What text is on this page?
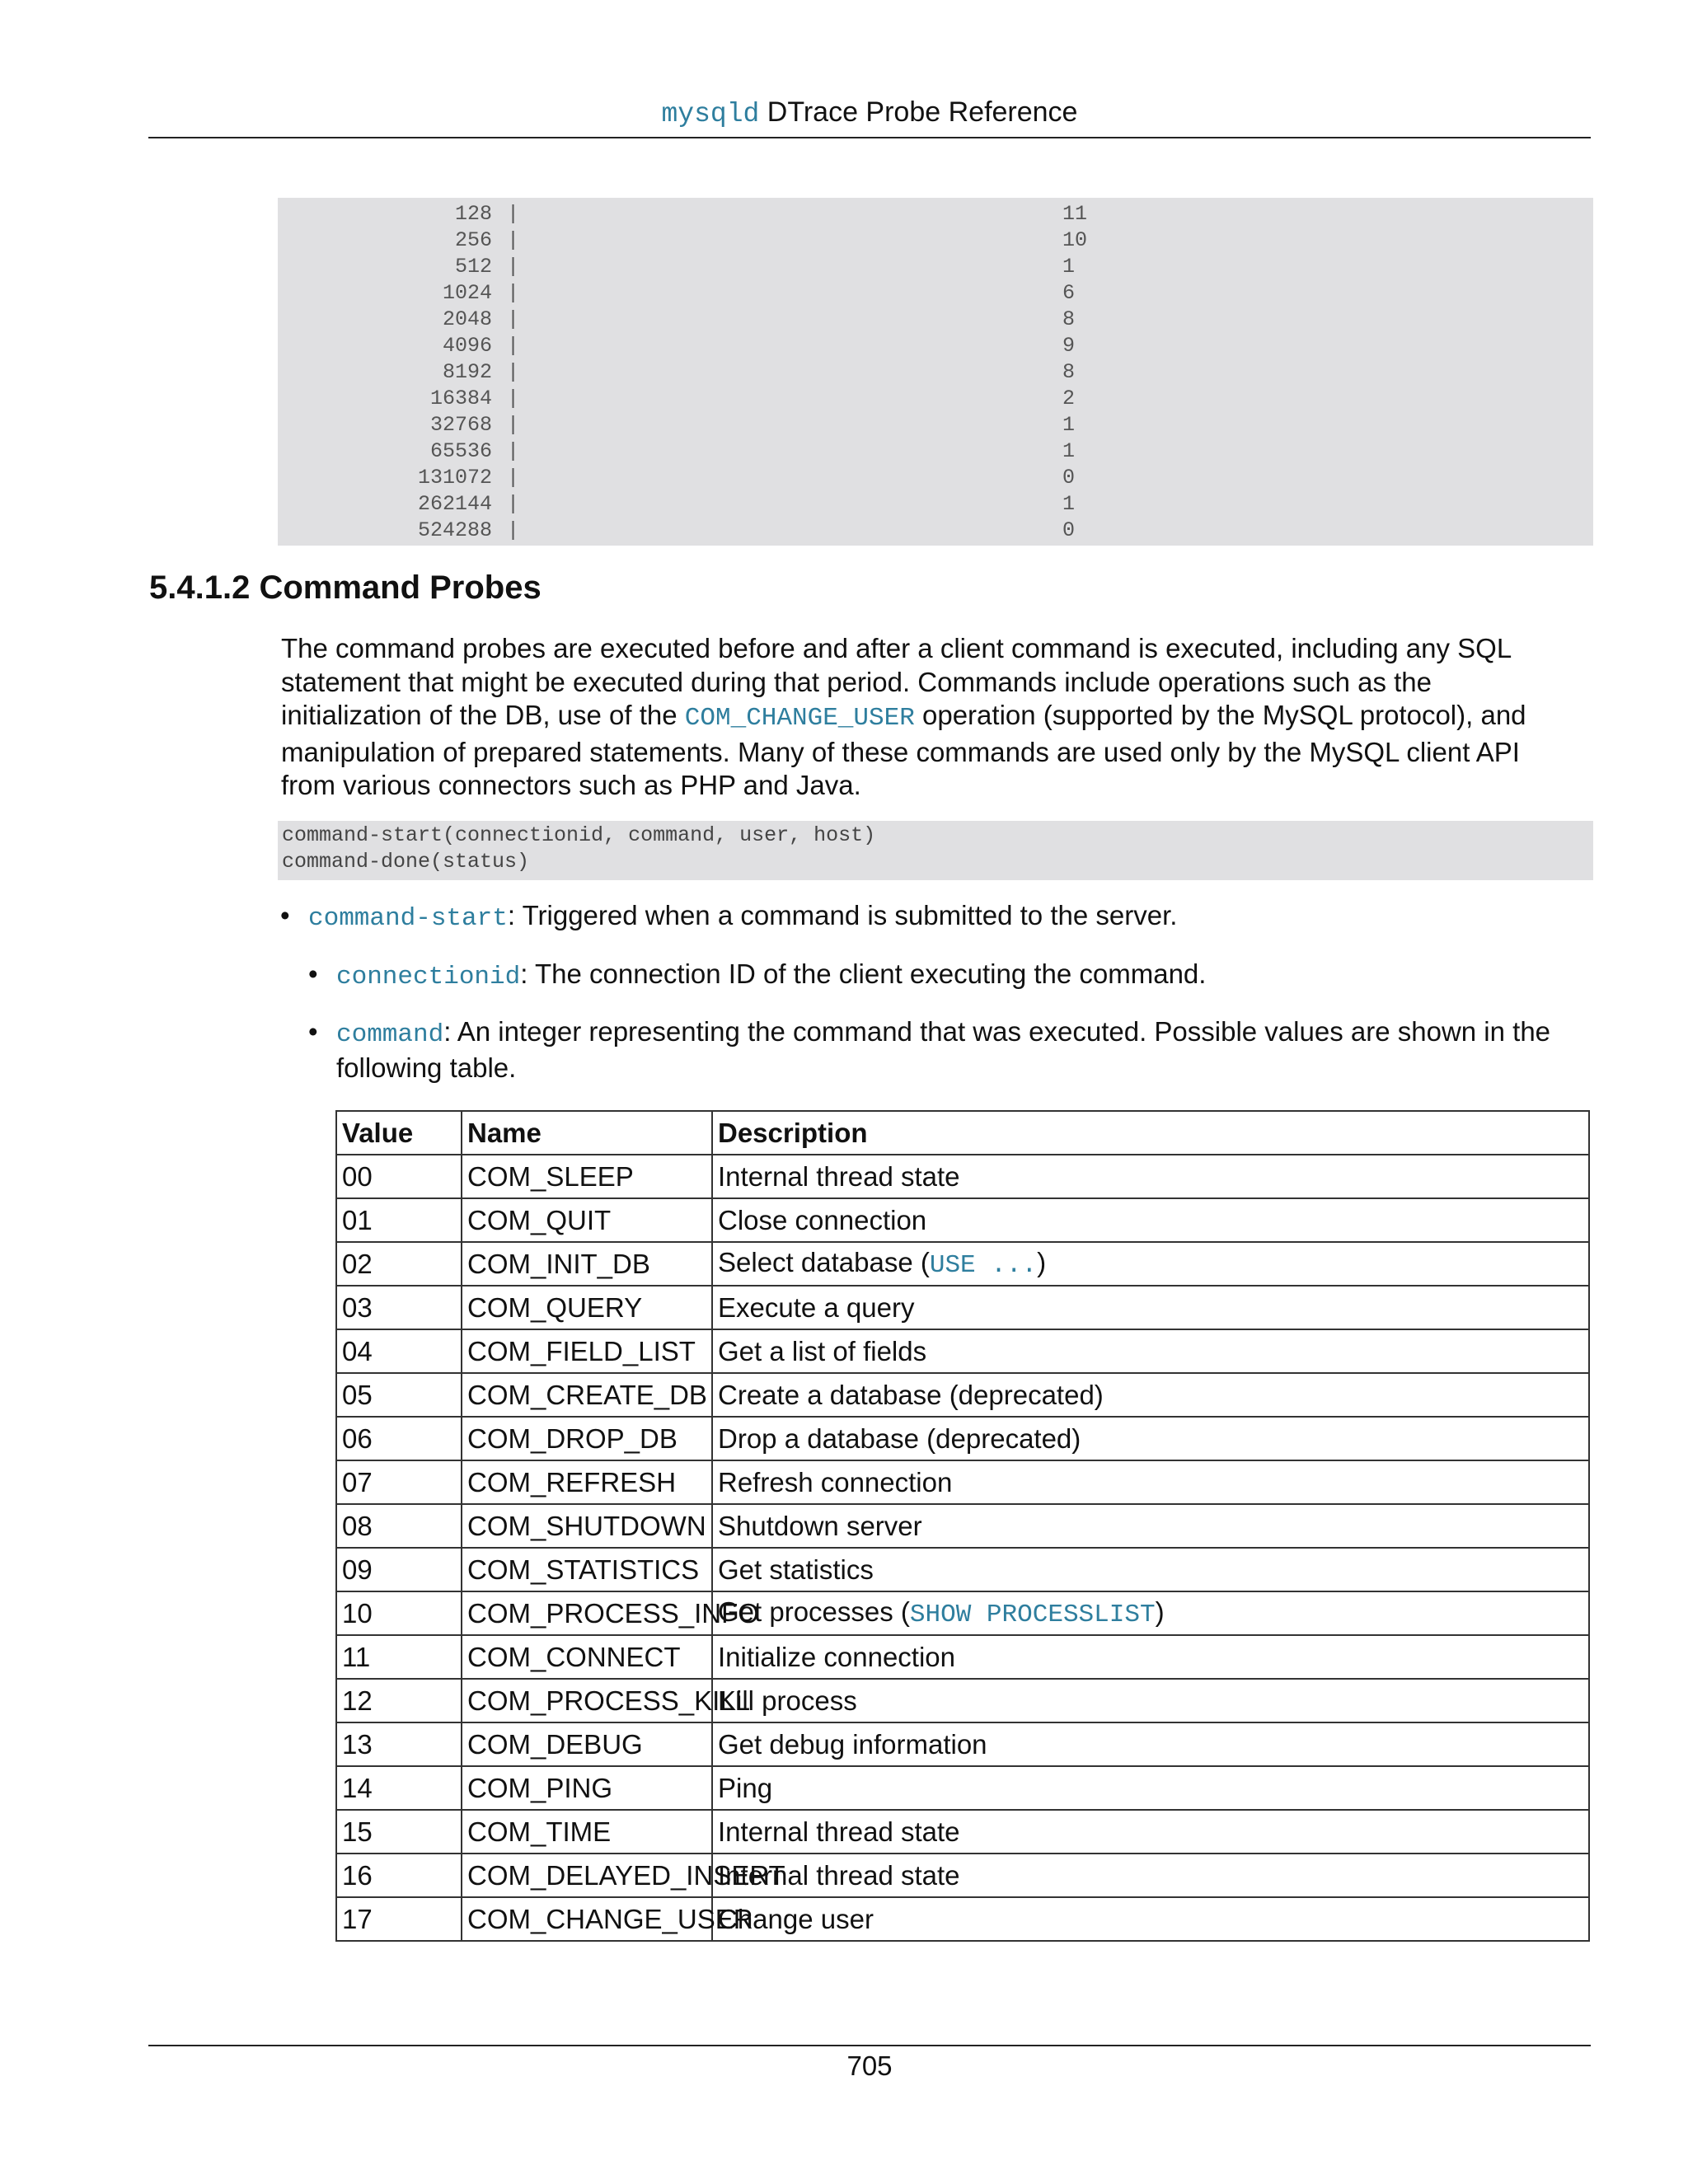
mysqld DTrace Probe Reference
128 |	11
256 |	10
512 |	1
1024 |	6
2048 |	8
4096 |	9
8192 |	8
16384 |	2
32768 |	1
65536 |	1
131072 |	0
262144 |	1
524288 |	0
5.4.1.2 Command Probes

The command probes are executed before and after a client command is executed, including any SQL statement that might be executed during that period. Commands include operations such as the initialization of the DB, use of the COM_CHANGE_USER operation (supported by the MySQL protocol), and manipulation of prepared statements. Many of these commands are used only by the MySQL client API from various connectors such as PHP and Java.

command-start(connectionid, command, user, host)
command-done(status)
• command-start: Triggered when a command is submitted to the server.
• connectionid: The connection ID of the client executing the command.
• command: An integer representing the command that was executed. Possible values are shown in the following table.
Value	Name	Description
00	COM_SLEEP	Internal thread state
01	COM_QUIT	Close connection
02	COM_INIT_DB	Select database (USE ...)
03	COM_QUERY	Execute a query
04	COM_FIELD_LIST	Get a list of fields
05	COM_CREATE_DB	Create a database (deprecated)
06	COM_DROP_DB	Drop a database (deprecated)
07	COM_REFRESH	Refresh connection
08	COM_SHUTDOWN	Shutdown server
09	COM_STATISTICS	Get statistics
10	COM_PROCESS_INFO	Get processes (SHOW PROCESSLIST)
11	COM_CONNECT	Initialize connection
12	COM_PROCESS_KILL	Kill process
13	COM_DEBUG	Get debug information
14	COM_PING	Ping
15	COM_TIME	Internal thread state
16	COM_DELAYED_INSERT	Internal thread state
17	COM_CHANGE_USER	Change user
705
